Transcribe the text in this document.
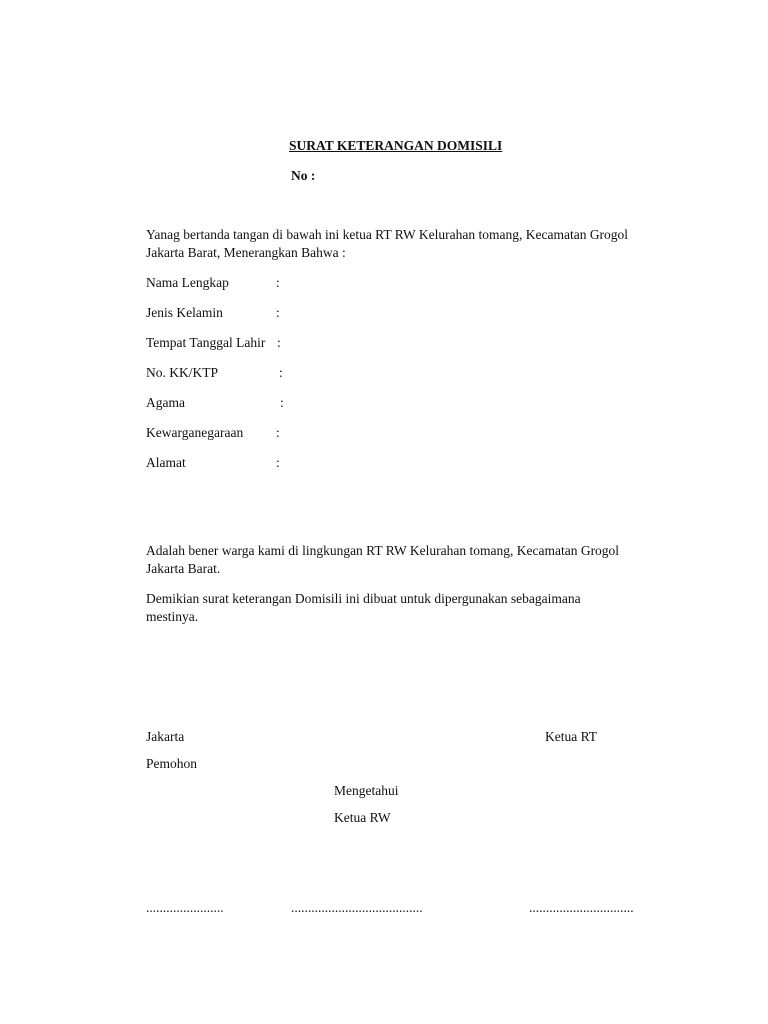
SURAT KETERANGAN DOMISILI
No :
Yanag bertanda tangan di bawah ini ketua RT RW Kelurahan tomang, Kecamatan Grogol
Jakarta Barat, Menerangkan Bahwa :
Nama Lengkap	:
Jenis Kelamin	:
Tempat Tanggal Lahir :
No. KK/KTP	:
Agama	:
Kewarganegaraan :
Alamat	:
Adalah bener warga kami di lingkungan RT RW Kelurahan tomang, Kecamatan Grogol
Jakarta Barat.
Demikian surat keterangan Domisili ini dibuat untuk dipergunakan sebagaimana
mestinya.
Jakarta	Ketua RT
Pemohon
Mengetahui
Ketua RW
.......................	.......................................	...............................
